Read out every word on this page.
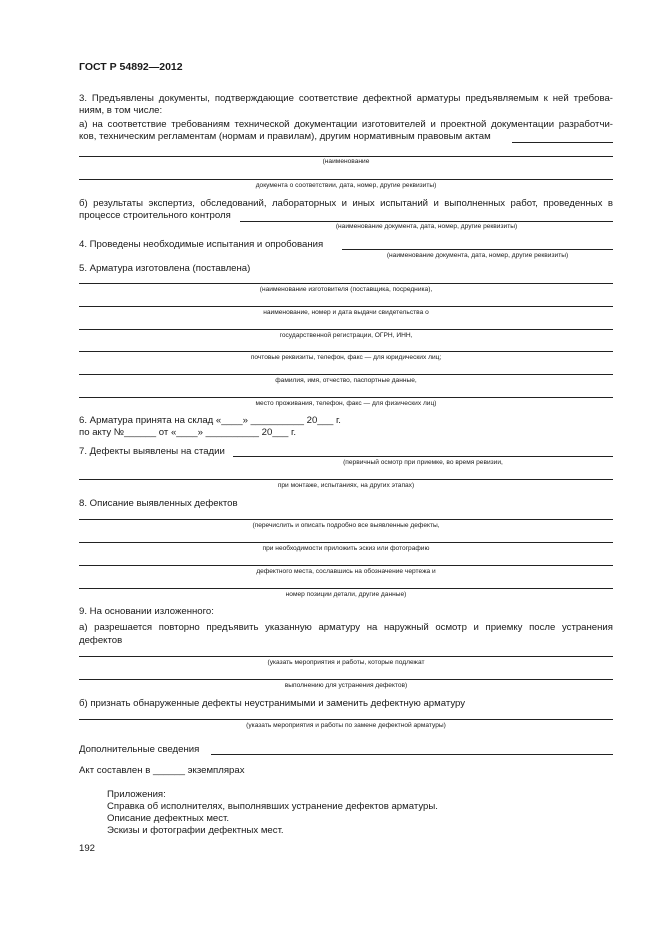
ГОСТ Р 54892—2012
3. Предъявлены документы, подтверждающие соответствие дефектной арматуры предъявляемым к ней требова-
ниям, в том числе:
а) на соответствие требованиям технической документации изготовителей и проектной документации разработчи-
ков, техническим регламентам (нормам и правилам), другим нормативным правовым актам
(наименование
документа о соответствии, дата, номер, другие реквизиты)
б) результаты экспертиз, обследований, лабораторных и иных испытаний и выполненных работ, проведенных в
процессе строительного контроля
(наименование документа, дата, номер, другие реквизиты)
4. Проведены необходимые испытания и опробования
(наименование документа, дата, номер, другие реквизиты)
5. Арматура изготовлена (поставлена)
(наименование изготовителя (поставщика, посредника),
наименование, номер и дата выдачи свидетельства о
государственной регистрации, ОГРН, ИНН,
почтовые реквизиты, телефон, факс — для юридических лиц;
фамилия, имя, отчество, паспортные данные,
место проживания, телефон, факс — для физических лиц)
6. Арматура принята на склад «____» __________ 20___ г.
по акту №______ от «____» __________ 20___ г.
7. Дефекты выявлены на стадии
(первичный осмотр при приемке, во время ревизии,
при монтаже, испытаниях, на других этапах)
8. Описание выявленных дефектов
(перечислить и описать подробно все выявленные дефекты,
при необходимости приложить эскиз или фотографию
дефектного места, сославшись на обозначение чертежа и
номер позиции детали, другие данные)
9. На основании изложенного:
а) разрешается повторно предъявить указанную арматуру на наружный осмотр и приемку после устранения
дефектов
(указать мероприятия и работы, которые подлежат
выполнению для устранения дефектов)
б) признать обнаруженные дефекты неустранимыми и заменить дефектную арматуру
(указать мероприятия и работы по замене дефектной арматуры)
Дополнительные сведения
Акт составлен в ______ экземплярах
Приложения:
Справка об исполнителях, выполнявших устранение дефектов арматуры.
Описание дефектных мест.
Эскизы и фотографии дефектных мест.
192
